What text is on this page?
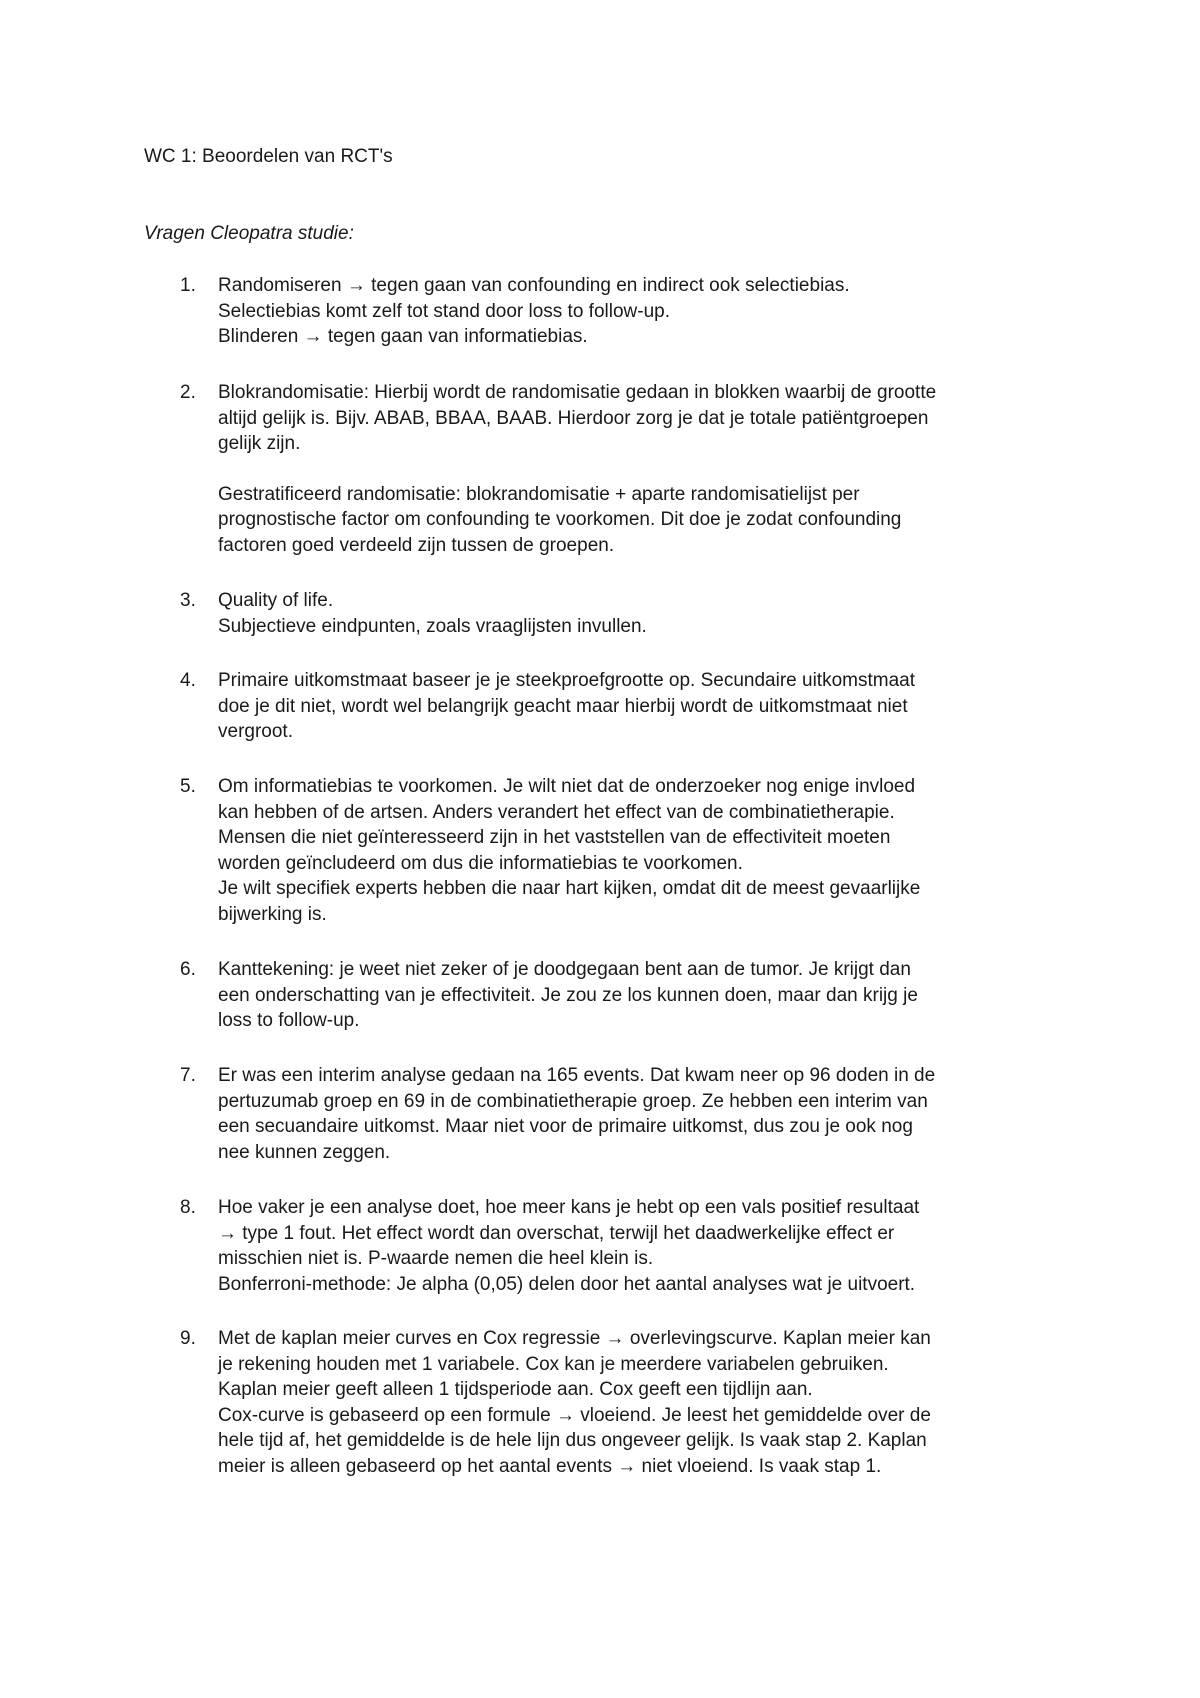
WC 1: Beoordelen van RCT's
Vragen Cleopatra studie:
1.	Randomiseren → tegen gaan van confounding en indirect ook selectiebias.

Selectiebias komt zelf tot stand door loss to follow-up.

Blinderen → tegen gaan van informatiebias.

2.	Blokrandomisatie: Hierbij wordt de randomisatie gedaan in blokken waarbij de grootte

altijd gelijk is. Bijv. ABAB, BBAA, BAAB. Hierdoor zorg je dat je totale patiëntgroepen

gelijk zijn.

Gestratificeerd randomisatie: blokrandomisatie + aparte randomisatielijst per

prognostische factor om confounding te voorkomen. Dit doe je zodat confounding

factoren goed verdeeld zijn tussen de groepen.

3.	Quality of life.

Subjectieve eindpunten, zoals vraaglijsten invullen.

4.	Primaire uitkomstmaat baseer je je steekproefgrootte op. Secundaire uitkomstmaat

doe je dit niet, wordt wel belangrijk geacht maar hierbij wordt de uitkomstmaat niet

vergroot.

5.	Om informatiebias te voorkomen. Je wilt niet dat de onderzoeker nog enige invloed

kan hebben of de artsen. Anders verandert het effect van de combinatietherapie.

Mensen die niet geïnteresseerd zijn in het vaststellen van de effectiviteit moeten

worden geïncludeerd om dus die informatiebias te voorkomen.

Je wilt specifiek experts hebben die naar hart kijken, omdat dit de meest gevaarlijke

bijwerking is.

6.	Kanttekening: je weet niet zeker of je doodgegaan bent aan de tumor. Je krijgt dan

een onderschatting van je effectiviteit. Je zou ze los kunnen doen, maar dan krijg je

loss to follow-up.

7.	Er was een interim analyse gedaan na 165 events. Dat kwam neer op 96 doden in de

pertuzumab groep en 69 in de combinatietherapie groep. Ze hebben een interim van

een secuandaire uitkomst. Maar niet voor de primaire uitkomst, dus zou je ook nog

nee kunnen zeggen.

8.	Hoe vaker je een analyse doet, hoe meer kans je hebt op een vals positief resultaat

→ type 1 fout. Het effect wordt dan overschat, terwijl het daadwerkelijke effect er

misschien niet is. P-waarde nemen die heel klein is.

Bonferroni-methode: Je alpha (0,05) delen door het aantal analyses wat je uitvoert.

9.	Met de kaplan meier curves en Cox regressie → overlevingscurve. Kaplan meier kan

je rekening houden met 1 variabele. Cox kan je meerdere variabelen gebruiken.

Kaplan meier geeft alleen 1 tijdsperiode aan. Cox geeft een tijdlijn aan.

Cox-curve is gebaseerd op een formule → vloeiend. Je leest het gemiddelde over de

hele tijd af, het gemiddelde is de hele lijn dus ongeveer gelijk. Is vaak stap 2. Kaplan

meier is alleen gebaseerd op het aantal events → niet vloeiend. Is vaak stap 1.
